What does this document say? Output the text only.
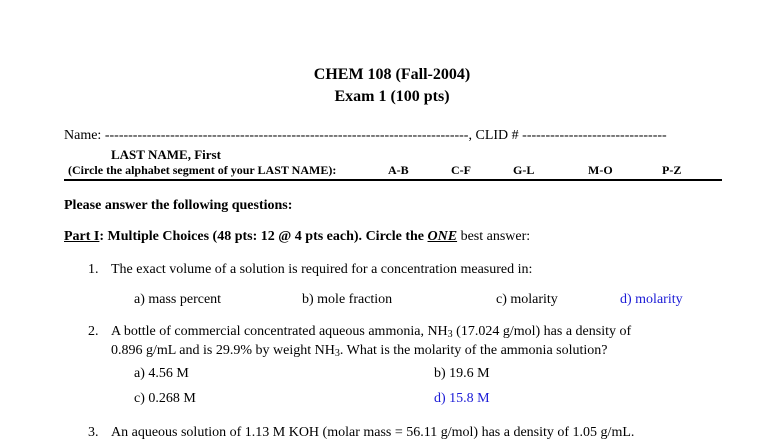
CHEM 108 (Fall-2004)
Exam 1 (100 pts)
Name: ------------------------------------------------------------------------------, CLID # -------------------------------
LAST NAME, First
(Circle the alphabet segment of your LAST NAME):	A-B	C-F	G-L	M-O	P-Z
Please answer the following questions:
Part I: Multiple Choices (48 pts: 12 @ 4 pts each). Circle the ONE best answer:
1. The exact volume of a solution is required for a concentration measured in:
a) mass percent	b) mole fraction	c) molarity	d) molarity
2. A bottle of commercial concentrated aqueous ammonia, $NH_3$ (17.024 g/mol) has a density of
0.896 g/mL and is 29.9% by weight $NH_3$. What is the molarity of the ammonia solution?
a) 4.56 M	b) 19.6 M
c) 0.268 M	d) 15.8 M
3. An aqueous solution of 1.13 M KOH (molar mass = 56.11 g/mol) has a density of 1.05 g/mL.
